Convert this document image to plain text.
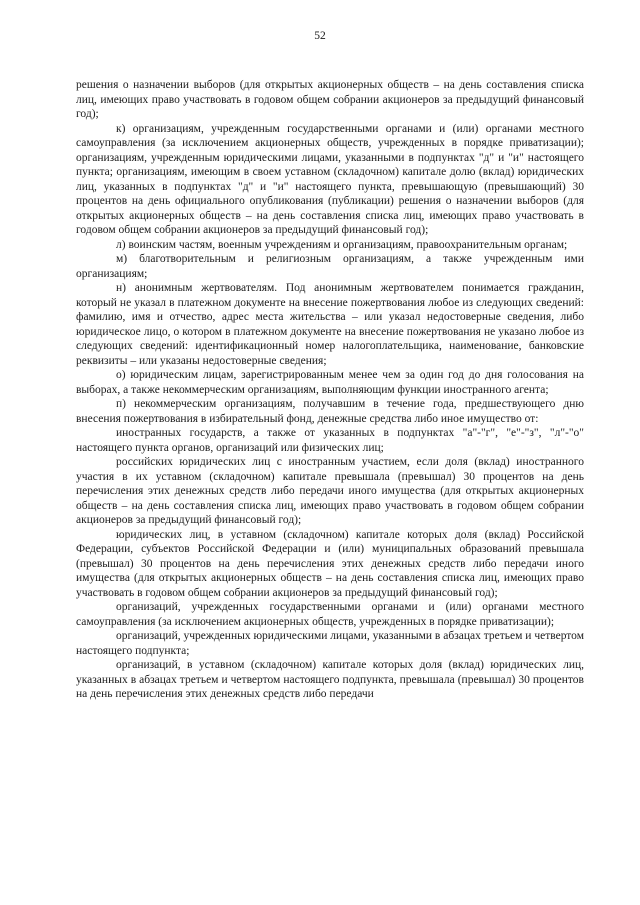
52

решения о назначении выборов (для открытых акционерных обществ – на день составления списка лиц, имеющих право участвовать в годовом общем собрании акционеров за предыдущий финансовый год);

к) организациям, учрежденным государственными органами и (или) органами местного самоуправления (за исключением акционерных обществ, учрежденных в порядке приватизации); организациям, учрежденным юридическими лицами, указанными в подпунктах "д" и "и" настоящего пункта; организациям, имеющим в своем уставном (складочном) капитале долю (вклад) юридических лиц, указанных в подпунктах "д" и "и" настоящего пункта, превышающую (превышающий) 30 процентов на день официального опубликования (публикации) решения о назначении выборов (для открытых акционерных обществ – на день составления списка лиц, имеющих право участвовать в годовом общем собрании акционеров за предыдущий финансовый год);

л) воинским частям, военным учреждениям и организациям, правоохранительным органам;

м) благотворительным и религиозным организациям, а также учрежденным ими организациям;

н) анонимным жертвователям. Под анонимным жертвователем понимается гражданин, который не указал в платежном документе на внесение пожертвования любое из следующих сведений: фамилию, имя и отчество, адрес места жительства – или указал недостоверные сведения, либо юридическое лицо, о котором в платежном документе на внесение пожертвования не указано любое из следующих сведений: идентификационный номер налогоплательщика, наименование, банковские реквизиты – или указаны недостоверные сведения;

о) юридическим лицам, зарегистрированным менее чем за один год до дня голосования на выборах, а также некоммерческим организациям, выполняющим функции иностранного агента;

п) некоммерческим организациям, получавшим в течение года, предшествующего дню внесения пожертвования в избирательный фонд, денежные средства либо иное имущество от:

иностранных государств, а также от указанных в подпунктах "а"-"г", "е"-"з", "л"-"о" настоящего пункта органов, организаций или физических лиц;

российских юридических лиц с иностранным участием, если доля (вклад) иностранного участия в их уставном (складочном) капитале превышала (превышал) 30 процентов на день перечисления этих денежных средств либо передачи иного имущества (для открытых акционерных обществ – на день составления списка лиц, имеющих право участвовать в годовом общем собрании акционеров за предыдущий финансовый год);

юридических лиц, в уставном (складочном) капитале которых доля (вклад) Российской Федерации, субъектов Российской Федерации и (или) муниципальных образований превышала (превышал) 30 процентов на день перечисления этих денежных средств либо передачи иного имущества (для открытых акционерных обществ – на день составления списка лиц, имеющих право участвовать в годовом общем собрании акционеров за предыдущий финансовый год);

организаций, учрежденных государственными органами и (или) органами местного самоуправления (за исключением акционерных обществ, учрежденных в порядке приватизации);

организаций, учрежденных юридическими лицами, указанными в абзацах третьем и четвертом настоящего подпункта;

организаций, в уставном (складочном) капитале которых доля (вклад) юридических лиц, указанных в абзацах третьем и четвертом настоящего подпункта, превышала (превышал) 30 процентов на день перечисления этих денежных средств либо передачи
